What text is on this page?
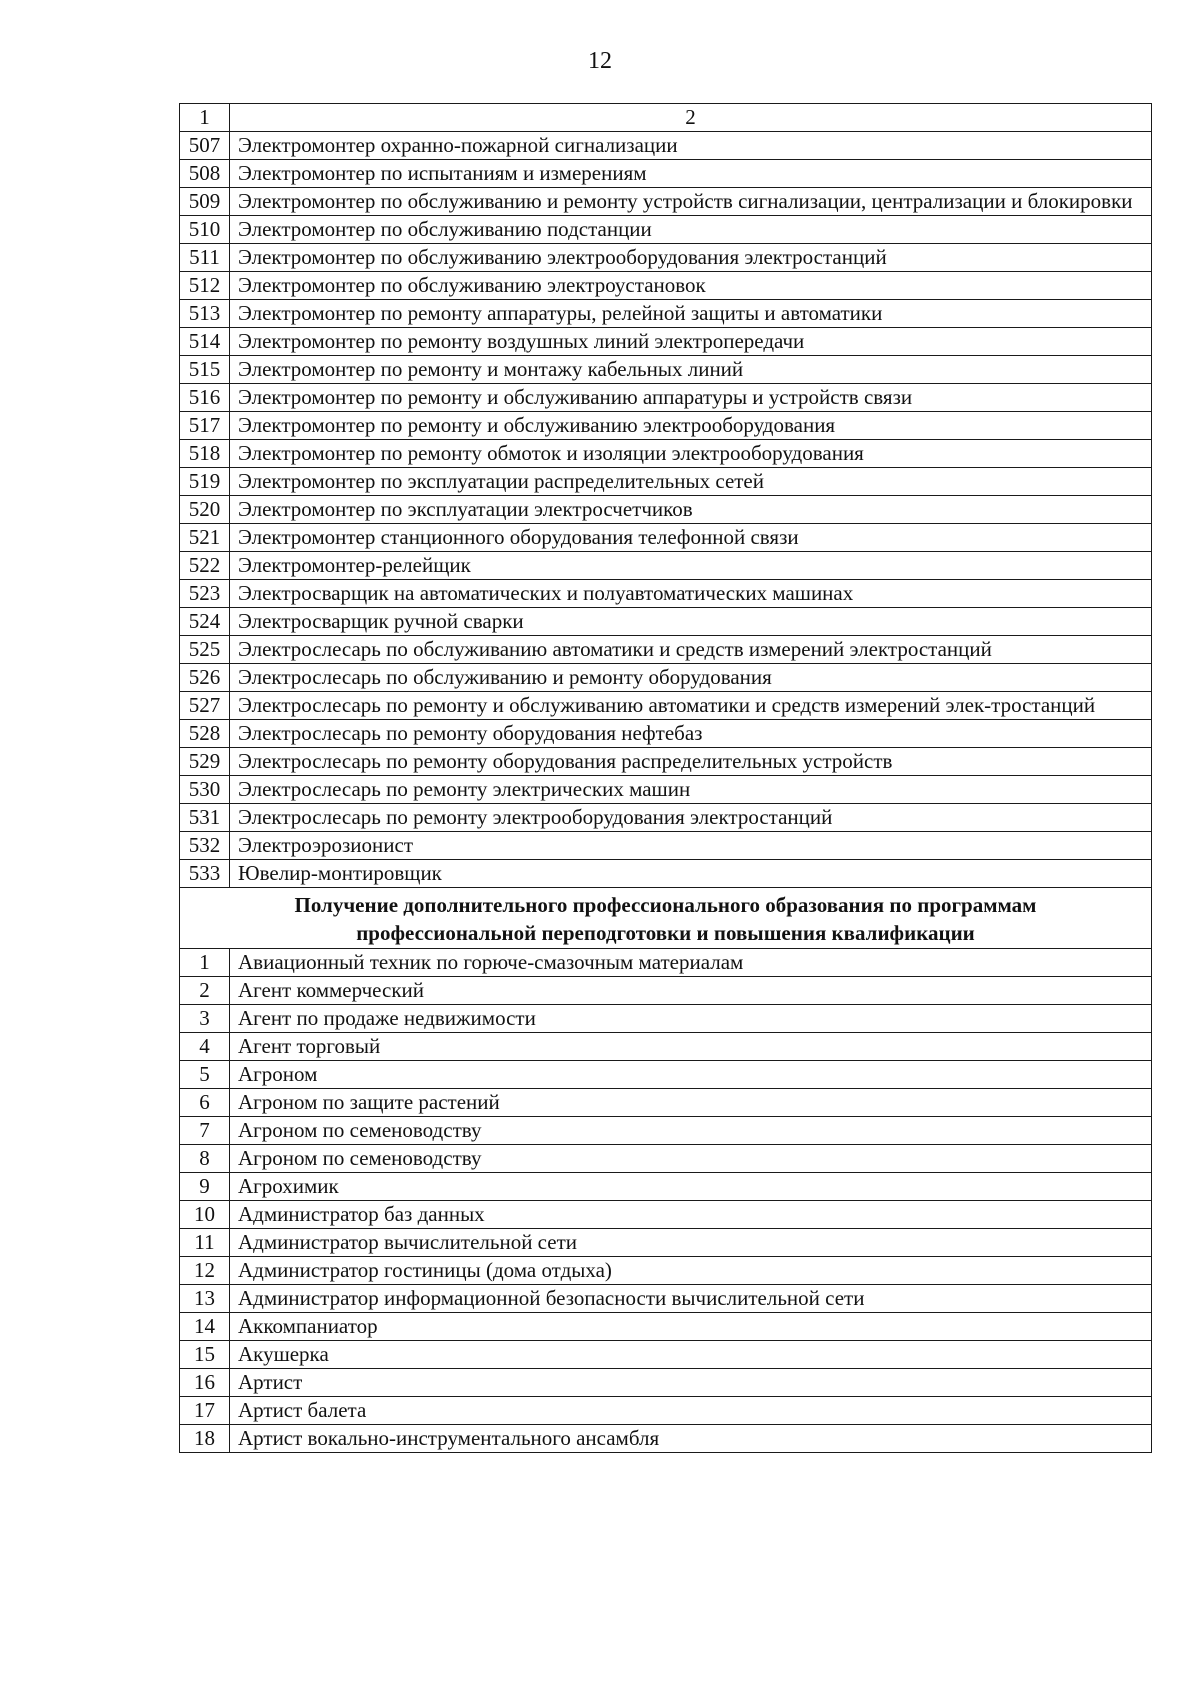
12
1	2
507	Электромонтер охранно-пожарной сигнализации
508	Электромонтер по испытаниям и измерениям
509	Электромонтер по обслуживанию и ремонту устройств сигнализации, централизации и блокировки
510	Электромонтер по обслуживанию подстанции
511	Электромонтер по обслуживанию электрооборудования электростанций
512	Электромонтер по обслуживанию электроустановок
513	Электромонтер по ремонту аппаратуры, релейной защиты и автоматики
514	Электромонтер по ремонту воздушных линий электропередачи
515	Электромонтер по ремонту и монтажу кабельных линий
516	Электромонтер по ремонту и обслуживанию аппаратуры и устройств связи
517	Электромонтер по ремонту и обслуживанию электрооборудования
518	Электромонтер по ремонту обмоток и изоляции электрооборудования
519	Электромонтер по эксплуатации распределительных сетей
520	Электромонтер по эксплуатации электросчетчиков
521	Электромонтер станционного оборудования телефонной связи
522	Электромонтер-релейщик
523	Электросварщик на автоматических и полуавтоматических машинах
524	Электросварщик ручной сварки
525	Электрослесарь по обслуживанию автоматики и средств измерений электростанций
526	Электрослесарь по обслуживанию и ремонту оборудования
527	Электрослесарь по ремонту и обслуживанию автоматики и средств измерений элек-тростанций
528	Электрослесарь по ремонту оборудования нефтебаз
529	Электрослесарь по ремонту оборудования распределительных устройств
530	Электрослесарь по ремонту электрических машин
531	Электрослесарь по ремонту электрооборудования электростанций
532	Электроэрозионист
533	Ювелир-монтировщик
Получение дополнительного профессионального образования по программам профессиональной переподготовки и повышения квалификации	
1	Авиационный техник по горюче-смазочным материалам
2	Агент коммерческий
3	Агент по продаже недвижимости
4	Агент торговый
5	Агроном
6	Агроном по защите растений
7	Агроном по семеноводству
8	Агроном по семеноводству
9	Агрохимик
10	Администратор баз данных
11	Администратор вычислительной сети
12	Администратор гостиницы (дома отдыха)
13	Администратор информационной безопасности вычислительной сети
14	Аккомпаниатор
15	Акушерка
16	Артист
17	Артист балета
18	Артист вокально-инструментального ансамбля
